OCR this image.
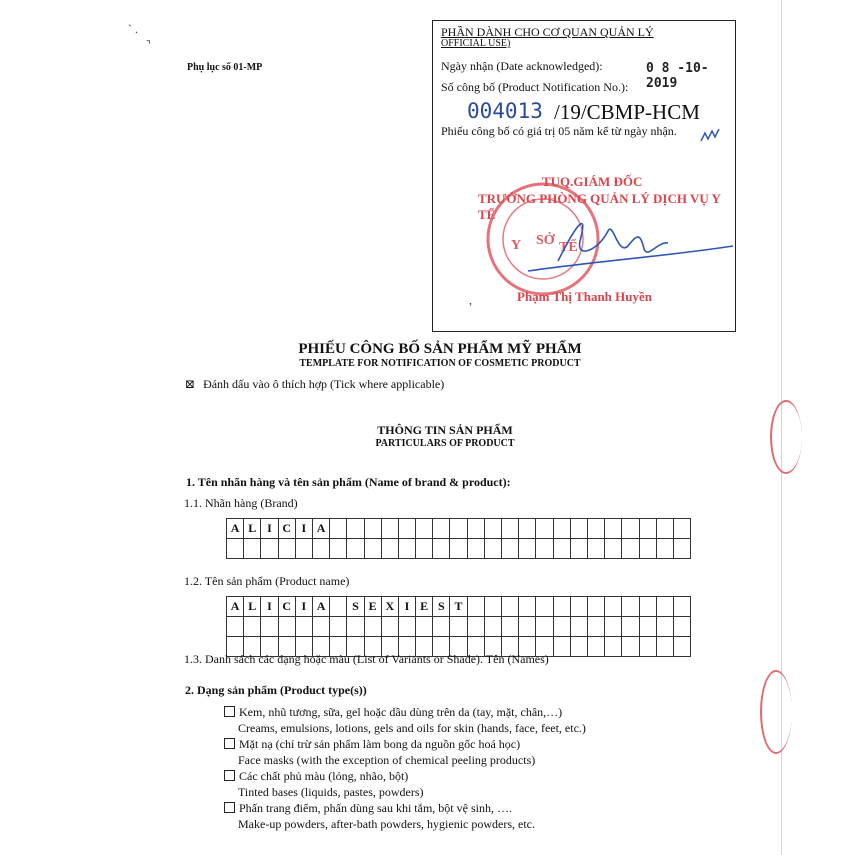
` .
⌝
Phụ lục số 01-MP
PHẦN DÀNH CHO CƠ QUAN QUẢN LÝ
OFFICIAL USE)
Ngày nhận (Date acknowledged):	0 8 -10- 2019
Số công bố (Product Notification No.):
004013 /19/CBMP-HCM
Phiếu công bố có giá trị 05 năm kể từ ngày nhận.
SỞ
Y	TẾ
TUQ.GIÁM ĐỐC
TRƯỞNG PHÒNG QUẢN LÝ DỊCH VỤ Y TẾ
Phạm Thị Thanh Huyền
,
PHIẾU CÔNG BỐ SẢN PHẨM MỸ PHẨM
TEMPLATE FOR NOTIFICATION OF COSMETIC PRODUCT
⊠ Đánh dấu vào ô thích hợp (Tick where applicable)
THÔNG TIN SẢN PHẨM
PARTICULARS OF PRODUCT
1. Tên nhãn hàng và tên sản phẩm (Name of brand & product):
1.1. Nhãn hàng (Brand)
A	L	I	C	I	A																					

1.2. Tên sản phẩm (Product name)
A	L	I	C	I	A		S	E	X	I	E	S	T													

1.3. Danh sách các dạng hoặc màu (List of Variants or Shade). Tên (Names)
2. Dạng sản phẩm (Product type(s))
Kem, nhũ tương, sữa, gel hoặc dầu dùng trên da (tay, mặt, chân,…)
Creams, emulsions, lotions, gels and oils for skin (hands, face, feet, etc.)
Mặt nạ (chỉ trừ sản phẩm làm bong da nguồn gốc hoá học)
Face masks (with the exception of chemical peeling products)
Các chất phủ màu (lỏng, nhão, bột)
Tinted bases (liquids, pastes, powders)
Phấn trang điểm, phấn dùng sau khi tắm, bột vệ sinh, ….
Make-up powders, after-bath powders, hygienic powders, etc.
